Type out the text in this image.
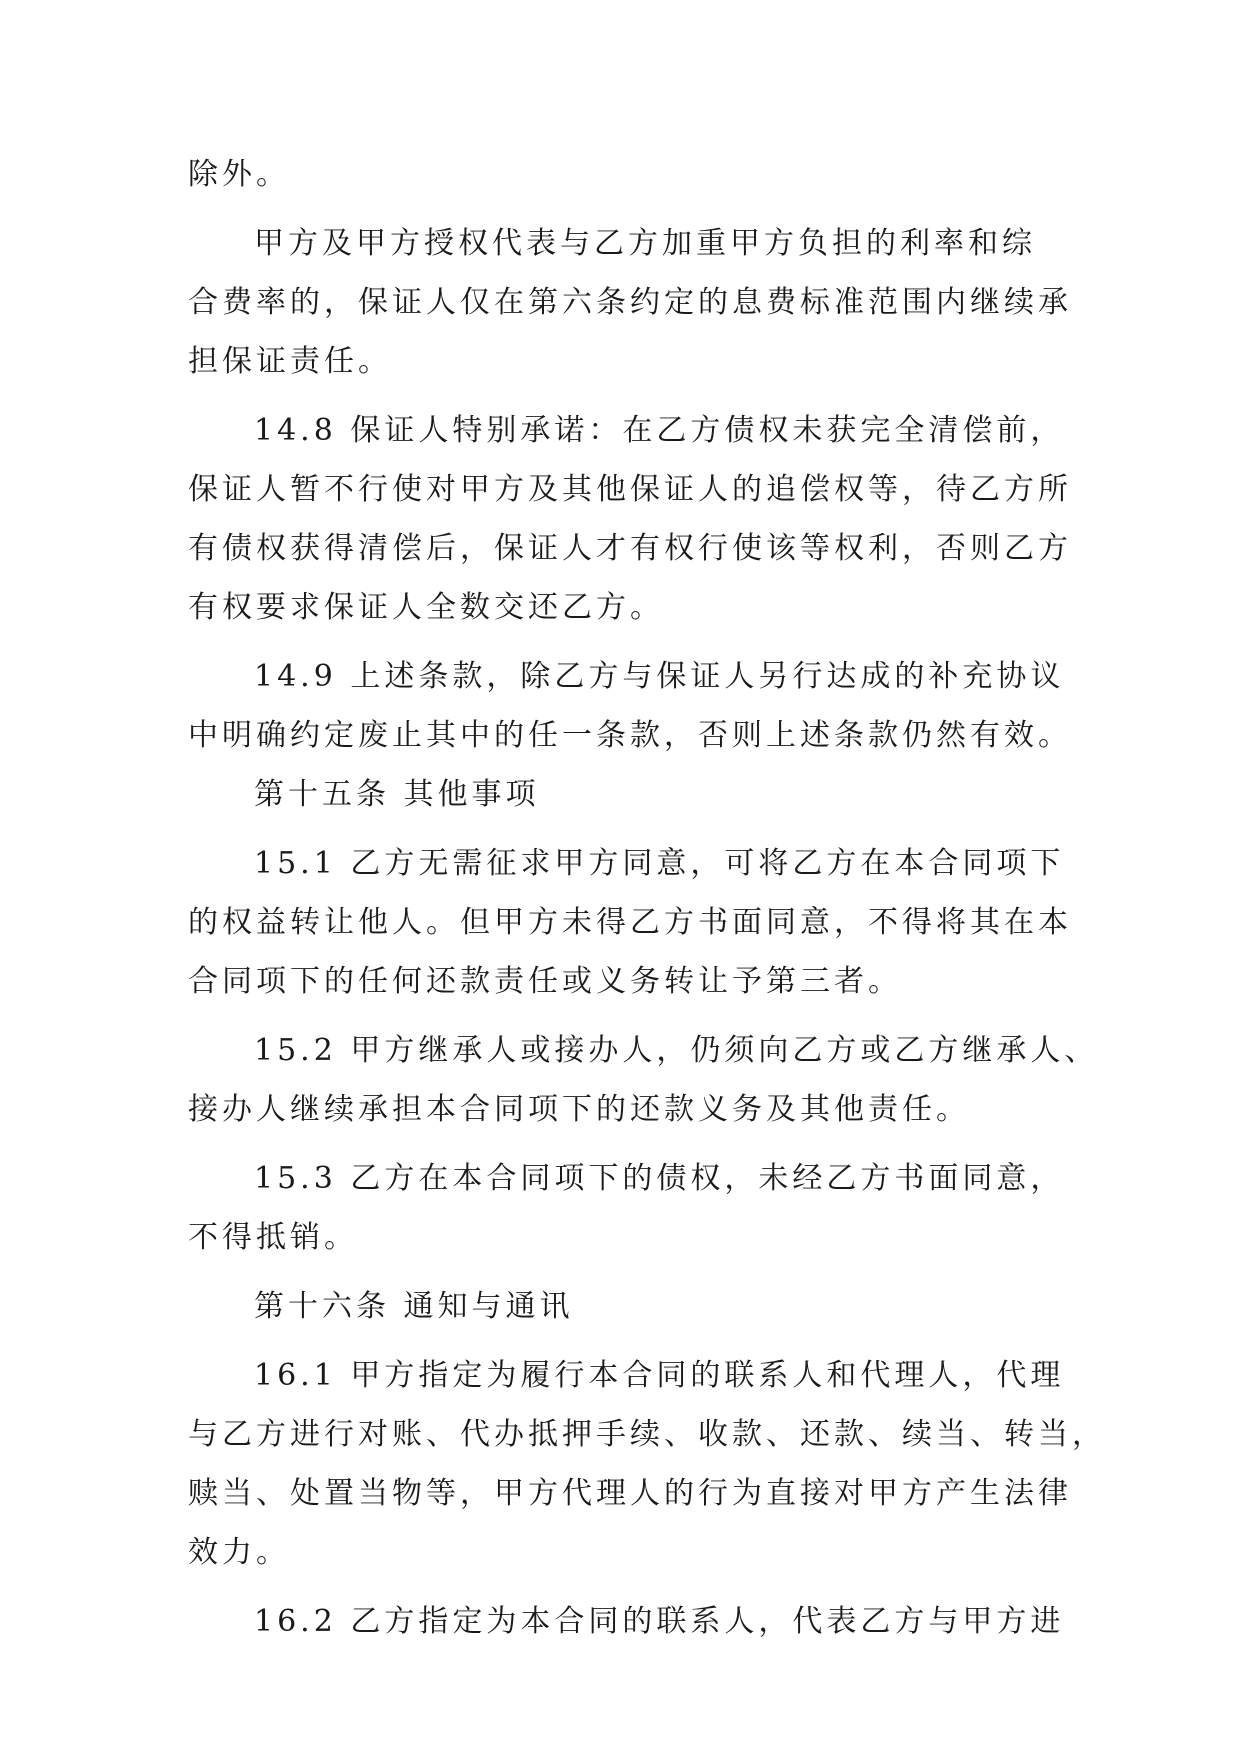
除外。

甲方及甲方授权代表与乙方加重甲方负担的利率和综

合费率的，保证人仅在第六条约定的息费标准范围内继续承

担保证责任。

14.8 保证人特别承诺：在乙方债权未获完全清偿前，

保证人暂不行使对甲方及其他保证人的追偿权等，待乙方所

有债权获得清偿后，保证人才有权行使该等权利，否则乙方

有权要求保证人全数交还乙方。

14.9 上述条款，除乙方与保证人另行达成的补充协议

中明确约定废止其中的任一条款，否则上述条款仍然有效。

第十五条 其他事项

15.1 乙方无需征求甲方同意，可将乙方在本合同项下

的权益转让他人。但甲方未得乙方书面同意，不得将其在本

合同项下的任何还款责任或义务转让予第三者。

15.2 甲方继承人或接办人，仍须向乙方或乙方继承人、

接办人继续承担本合同项下的还款义务及其他责任。

15.3 乙方在本合同项下的债权，未经乙方书面同意，

不得抵销。

第十六条 通知与通讯

16.1 甲方指定为履行本合同的联系人和代理人，代理

与乙方进行对账、代办抵押手续、收款、还款、续当、转当，

赎当、处置当物等，甲方代理人的行为直接对甲方产生法律

效力。

16.2 乙方指定为本合同的联系人，代表乙方与甲方进
